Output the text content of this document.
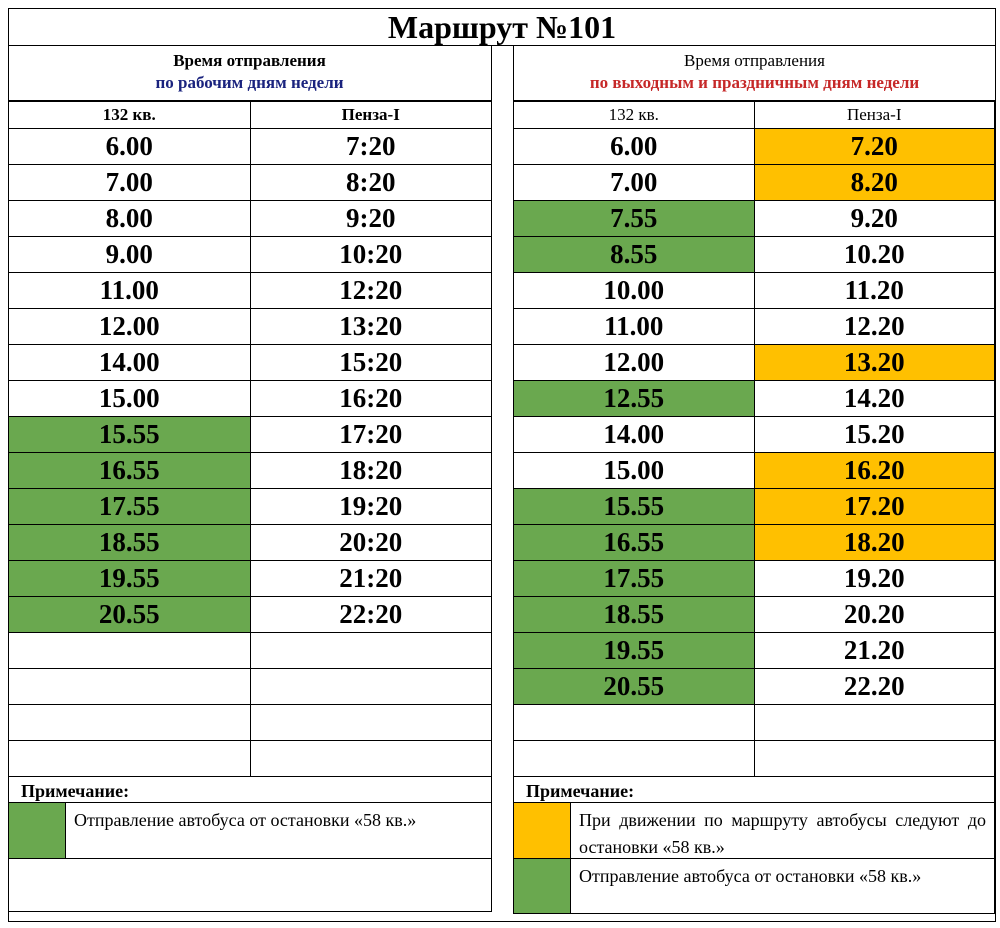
Маршрут №101
Время отправления
по рабочим дням недели
132 кв.	Пенза-I
6.00	7:20
7.00	8:20
8.00	9:20
9.00	10:20
11.00	12:20
12.00	13:20
14.00	15:20
15.00	16:20
15.55	17:20
16.55	18:20
17.55	19:20
18.55	20:20
19.55	21:20
20.55	22:20

Примечание:
Отправление автобуса от остановки «58 кв.»
Время отправления
по выходным и праздничным дням недели
132 кв.	Пенза-I
6.00	7.20
7.00	8.20
7.55	9.20
8.55	10.20
10.00	11.20
11.00	12.20
12.00	13.20
12.55	14.20
14.00	15.20
15.00	16.20
15.55	17.20
16.55	18.20
17.55	19.20
18.55	20.20
19.55	21.20
20.55	22.20

Примечание:
При движении по маршруту автобусы следуют до остановки «58 кв.»
Отправление автобуса от остановки «58 кв.»
